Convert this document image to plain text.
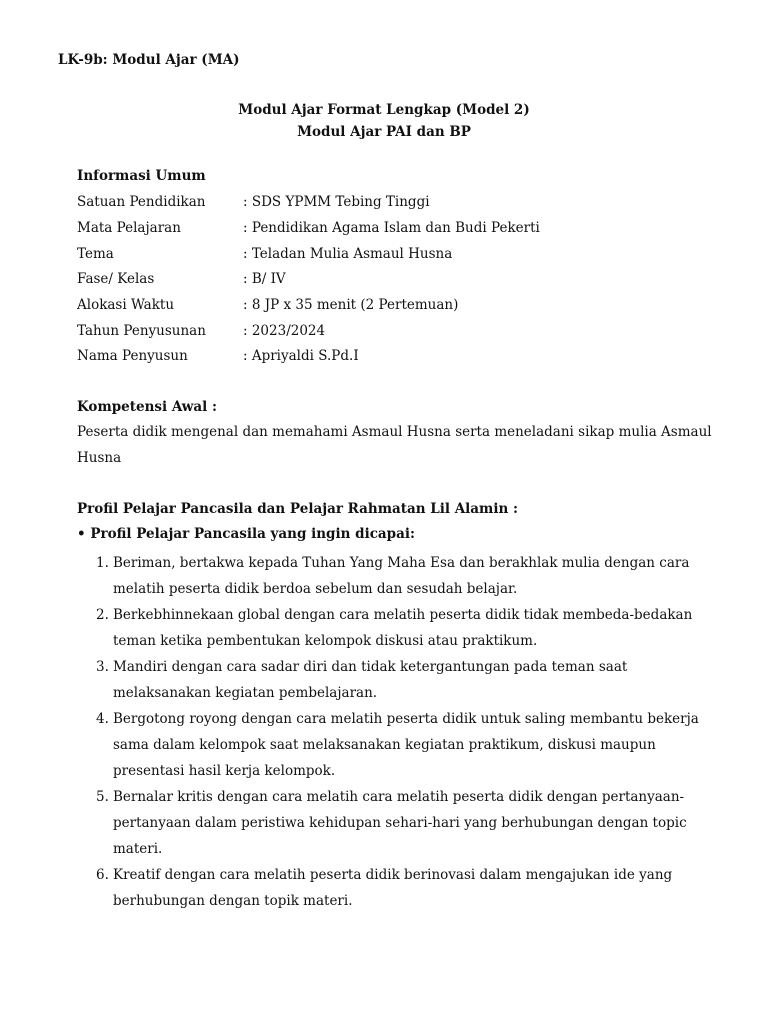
LK-9b: Modul Ajar (MA)
Modul Ajar Format Lengkap (Model 2)
Modul Ajar PAI dan BP
Informasi Umum
Satuan Pendidikan	: SDS YPMM Tebing Tinggi
Mata Pelajaran	: Pendidikan Agama Islam dan Budi Pekerti
Tema	: Teladan Mulia Asmaul Husna
Fase/ Kelas	: B/ IV
Alokasi Waktu	: 8 JP x 35 menit (2 Pertemuan)
Tahun Penyusunan	: 2023/2024
Nama Penyusun	: Apriyaldi S.Pd.I
Kompetensi Awal :
Peserta didik mengenal dan memahami Asmaul Husna serta meneladani sikap mulia Asmaul Husna
Profil Pelajar Pancasila dan Pelajar Rahmatan Lil Alamin :
• Profil Pelajar Pancasila yang ingin dicapai:
1. Beriman, bertakwa kepada Tuhan Yang Maha Esa dan berakhlak mulia dengan cara melatih peserta didik berdoa sebelum dan sesudah belajar.
2. Berkebhinnekaan global dengan cara melatih peserta didik tidak membeda-bedakan teman ketika pembentukan kelompok diskusi atau praktikum.
3. Mandiri dengan cara sadar diri dan tidak ketergantungan pada teman saat melaksanakan kegiatan pembelajaran.
4. Bergotong royong dengan cara melatih peserta didik untuk saling membantu bekerja sama dalam kelompok saat melaksanakan kegiatan praktikum, diskusi maupun presentasi hasil kerja kelompok.
5. Bernalar kritis dengan cara melatih cara melatih peserta didik dengan pertanyaan-pertanyaan dalam peristiwa kehidupan sehari-hari yang berhubungan dengan topic materi.
6. Kreatif dengan cara melatih peserta didik berinovasi dalam mengajukan ide yang berhubungan dengan topik materi.
